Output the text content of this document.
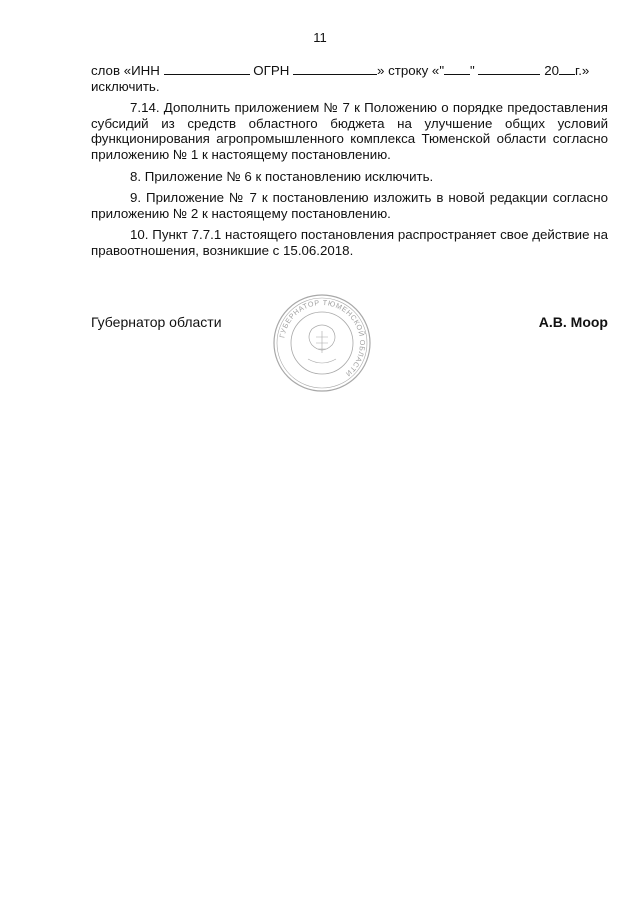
11

слов «ИНН	ОГРН	» строку «" "	20 г.»
исключить.

7.14. Дополнить приложением № 7 к Положению о порядке предоставления субсидий из средств областного бюджета на улучшение общих условий функционирования агропромышленного комплекса Тюменской области согласно приложению № 1 к настоящему постановлению.

8. Приложение № 6 к постановлению исключить.

9. Приложение № 7 к постановлению изложить в новой редакции согласно приложению № 2 к настоящему постановлению.

10. Пункт 7.7.1 настоящего постановления распространяет свое действие на правоотношения, возникшие с 15.06.2018.

Губернатор области	А.В. Моор
ГУБЕРНАТОР ТЮМЕНСКОЙ ОБЛАСТИ
